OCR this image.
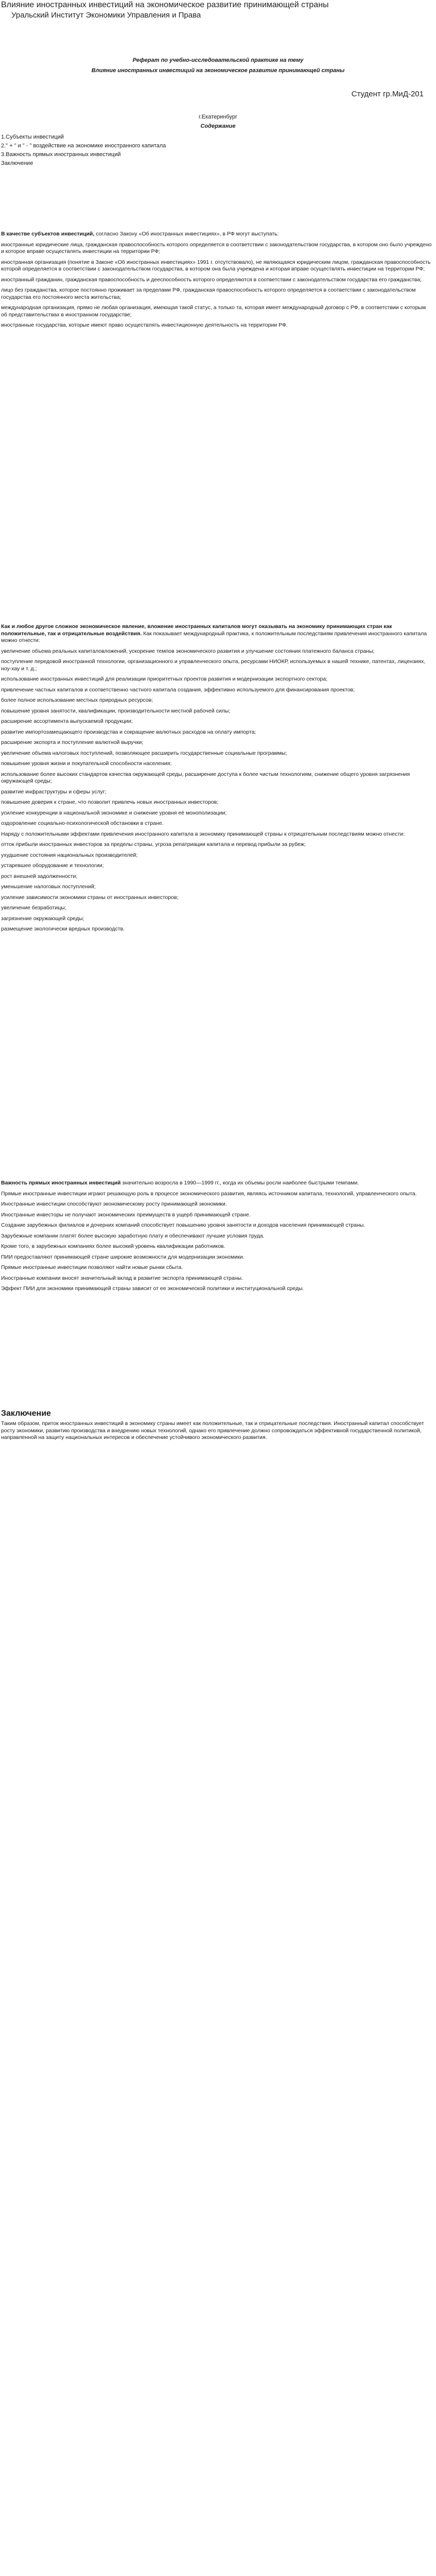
Влияние иностранных инвестиций на экономическое развитие принимающей страны
Уральский Институт Экономики Управления и Права
Реферат по учебно-исследовательской практике на тему
Влияние иностранных инвестиций на экономическое развитие принимающей страны
Студент гр.МиД-201
г.Екатеринбург
Содержание
1.Субъекты инвестиций
2." + " и " - " воздействие на экономике иностранного капитала
3.Важность прямых иностранных инвестиций
Заключение

В качестве субъектов инвестиций, согласно Закону «Об иностранных инвестициях», в РФ могут выступать:

иностранные юридические лица, гражданская правоспособность которого определяется в соответствии с законодательством государства, в котором оно было учреждено и которое вправе осуществлять инвестиции на территории РФ;

иностранная организация (понятие в Законе «Об иностранных инвестициях» 1991 г. отсутствовало), не являющаяся юридическим лицом, гражданская правоспособность которой определяется в соответствии с законодательством государства, в котором она была учреждена и которая вправе осуществлять инвестиции на территории РФ;

иностранный гражданин, гражданская правоспособность и дееспособность которого определяются в соответствии с законодательством государства его гражданства;

лицо без гражданства, которое постоянно проживает за пределами РФ, гражданская правоспособность которого определяется в соответствии с законодательством государства его постоянного места жительства;

международная организация, прямо не любая организация, имеющая такой статус, а только та, которая имеет международный договор с РФ, в соответствии с которым об представительствах в иностранном государстве;

иностранные государства, которые имеют право осуществлять инвестиционную деятельность на территории РФ.

Как и любое другое сложное экономическое явление, вложение иностранных капиталов могут оказывать на экономику принимающих стран как положительные, так и отрицательные воздействия. Как показывает международный практика, к положительным последствиям привлечения иностранного капитала можно отнести:

увеличение объема реальных капиталовложений, ускорение темпов экономического развития и улучшение состояния платежного баланса страны;

поступление передовой иностранной технологии, организационного и управленческого опыта, ресурсами НИОКР, используемых в нашей технике, патентах, лицензиях, ноу-хау и т. д.;

использование иностранных инвестиций для реализации приоритетных проектов развития и модернизации экспортного сектора;

привлечение частных капиталов и соответственно частного капитала создания, эффективно используемого для финансирования проектов;

более полное использование местных природных ресурсов;

повышение уровня занятости, квалификации, производительности местной рабочей силы;

расширение ассортимента выпускаемой продукции;

развитие импортозамещающего производства и сокращение валютных расходов на оплату импорта;

расширение экспорта и поступление валютной выручки;

увеличение объема налоговых поступлений, позволяющее расширить государственные социальные программы;

повышение уровня жизни и покупательной способности населения;

использование более высоких стандартов качества окружающей среды, расширение доступа к более чистым технологиям, снижение общего уровня загрязнения окружающей среды;

развитие инфраструктуры и сферы услуг;

повышение доверия к стране, что позволит привлечь новых иностранных инвесторов;

усиление конкуренции в национальной экономике и снижение уровня её монополизации;

оздоровление социально-психологической обстановки в стране.

Наряду с положительными эффектами привлечения иностранного капитала в экономику принимающей страны к отрицательным последствиям можно отнести:

отток прибыли иностранных инвесторов за пределы страны, угроза репатриации капитала и перевод прибыли за рубеж;

ухудшение состояния национальных производителей;

устаревшее оборудование и технологии;

рост внешней задолженности;

уменьшение налоговых поступлений;

усиление зависимости экономики страны от иностранных инвесторов;

увеличение безработицы;

загрязнение окружающей среды;

размещение экологически вредных производств.

Важность прямых иностранных инвестиций значительно возросла в 1990—1999 гг., когда их объемы росли наиболее быстрыми темпами.

Прямые иностранные инвестиции играют решающую роль в процессе экономического развития, являясь источником капитала, технологий, управленческого опыта.

Иностранные инвестиции способствуют экономическому росту принимающей экономики.

Иностранные инвесторы не получают экономических преимуществ в ущерб принимающей стране.

Создание зарубежных филиалов и дочерних компаний способствует повышению уровня занятости и доходов населения принимающей страны.

Зарубежные компании платят более высокую заработную плату и обеспечивают лучшие условия труда.

Кроме того, в зарубежных компаниях более высокий уровень квалификации работников.

ПИИ предоставляют принимающей стране широкие возможности для модернизации экономики.

Прямые иностранные инвестиции позволяют найти новые рынки сбыта.

Иностранные компании вносят значительный вклад в развитие экспорта принимающей страны.

Эффект ПИИ для экономики принимающей страны зависит от ее экономической политики и институциональной среды.

Заключение

Таким образом, приток иностранных инвестиций в экономику страны имеет как положительные, так и отрицательные последствия. Иностранный капитал способствует росту экономики, развитию производства и внедрению новых технологий, однако его привлечение должно сопровождаться эффективной государственной политикой, направленной на защиту национальных интересов и обеспечение устойчивого экономического развития.
